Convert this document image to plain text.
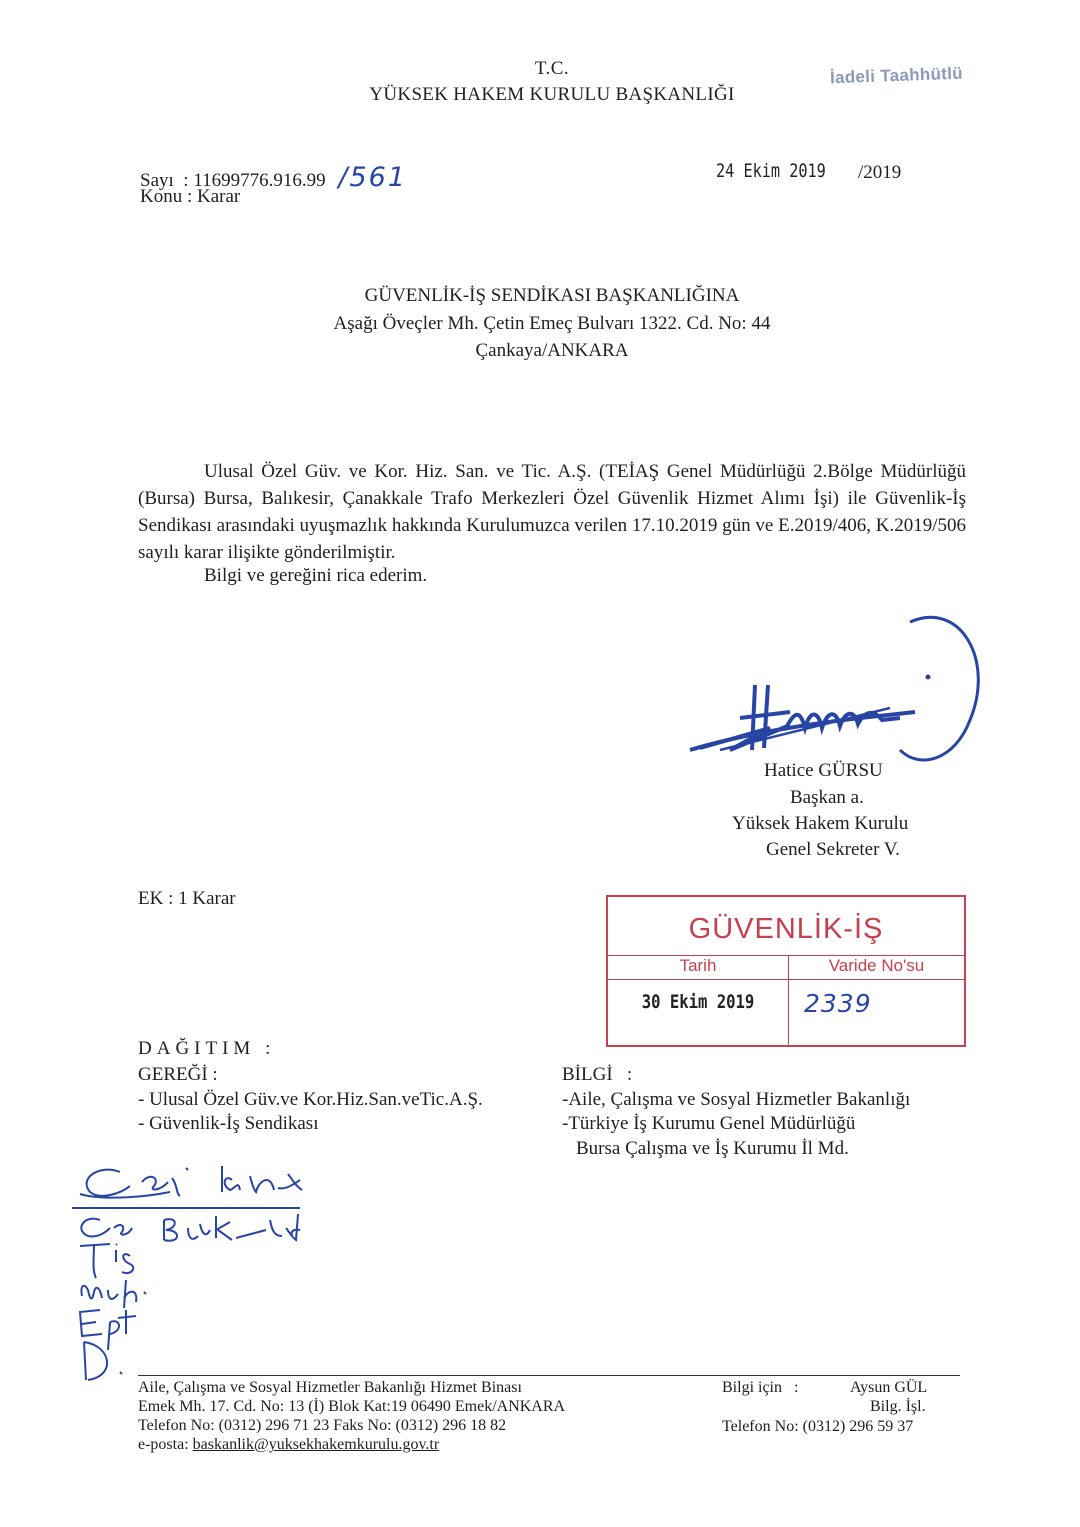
T.C.
YÜKSEK HAKEM KURULU BAŞKANLIĞI
İadeli Taahhütlü
Sayı  : 11699776.916.99 /561
Konu : Karar
24 Ekim 2019 /2019
GÜVENLİK-İŞ SENDİKASI BAŞKANLIĞINA
Aşağı Öveçler Mh. Çetin Emeç Bulvarı 1322. Cd. No: 44
Çankaya/ANKARA

Ulusal Özel Güv. ve Kor. Hiz. San. ve Tic. A.Ş. (TEİAŞ Genel Müdürlüğü 2.Bölge Müdürlüğü (Bursa) Bursa, Balıkesir, Çanakkale Trafo Merkezleri Özel Güvenlik Hizmet Alımı İşi) ile Güvenlik-İş Sendikası arasındaki uyuşmazlık hakkında Kurulumuzca verilen 17.10.2019 gün ve E.2019/406, K.2019/506 sayılı karar ilişikte gönderilmiştir.

Bilgi ve gereğini rica ederim.
Hatice GÜRSU
Başkan a.
Yüksek Hakem Kurulu
Genel Sekreter V.
EK : 1 Karar
GÜVENLİK-İŞ
Tarih	Varide No'su
30 Ekim 2019	2339
DAĞITIM :
GEREĞİ :
- Ulusal Özel Güv.ve Kor.Hiz.San.veTic.A.Ş.
- Güvenlik-İş Sendikası
BİLGİ   :
-Aile, Çalışma ve Sosyal Hizmetler Bakanlığı
-Türkiye İş Kurumu Genel Müdürlüğü
Bursa Çalışma ve İş Kurumu İl Md.
Aile, Çalışma ve Sosyal Hizmetler Bakanlığı Hizmet Binası
Emek Mh. 17. Cd. No: 13 (İ) Blok Kat:19 06490 Emek/ANKARA
Telefon No: (0312) 296 71 23 Faks No: (0312) 296 18 82
e-posta: baskanlik@yuksekhakemkurulu.gov.tr
Bilgi için   :	Aysun GÜL
Bilg. İşl.
Telefon No: (0312) 296 59 37
